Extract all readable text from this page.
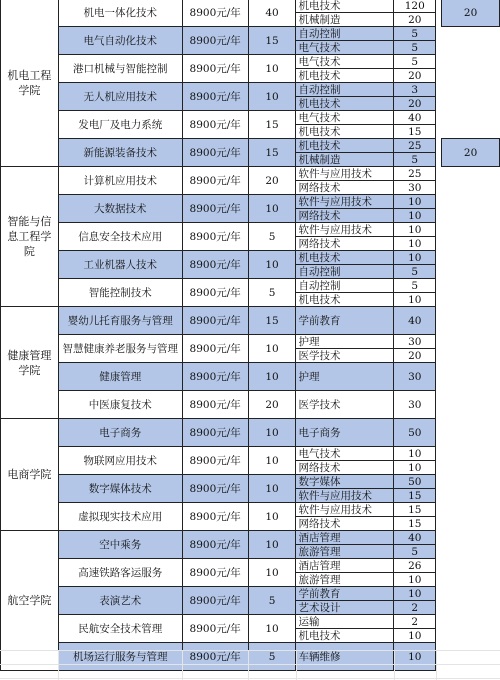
机电工程学院	机电一体化技术	8900元/年	40	机电技术	120		20
				机械制造	20		
	电气自动化技术	8900元/年	15	自动控制	5		
				电气技术	5		
	港口机械与智能控制	8900元/年	10	电气技术	5		
				机电技术	20		
	无人机应用技术	8900元/年	10	自动控制	3		
				机电技术	20		
	发电厂及电力系统	8900元/年	15	电气技术	40		
				机电技术	15		
	新能源装备技术	8900元/年	15	机电技术	25		20
				机械制造	5		
智能与信息工程学院	计算机应用技术	8900元/年	20	软件与应用技术	25		
				网络技术	30		
	大数据技术	8900元/年	10	软件与应用技术	10		
				网络技术	10		
	信息安全技术应用	8900元/年	5	软件与应用技术	10		
				网络技术	10		
	工业机器人技术	8900元/年	10	机电技术	10		
				自动控制	5		
	智能控制技术	8900元/年	5	自动控制	5		
				机电技术	10		
健康管理学院	婴幼儿托育服务与管理	8900元/年	15	学前教育	40		
	智慧健康养老服务与管理	8900元/年	10	护理	30		
				医学技术	20		
	健康管理	8900元/年	10	护理	30		
	中医康复技术	8900元/年	20	医学技术	30		
电商学院	电子商务	8900元/年	10	电子商务	50		
	物联网应用技术	8900元/年	10	电气技术	10		
				网络技术	10		
	数字媒体技术	8900元/年	10	数字媒体	50		
				软件与应用技术	15		
	虚拟现实技术应用	8900元/年	10	软件与应用技术	15		
				网络技术	15		
航空学院	空中乘务	8900元/年	10	酒店管理	40		
				旅游管理	5		
	高速铁路客运服务	8900元/年	10	酒店管理	26		
				旅游管理	10		
	表演艺术	8900元/年	5	学前教育	10		
				艺术设计	2		
	民航安全技术管理	8900元/年	10	运输	2		
				机电技术	10		
	机场运行服务与管理	8900元/年	5	车辆维修	10		
